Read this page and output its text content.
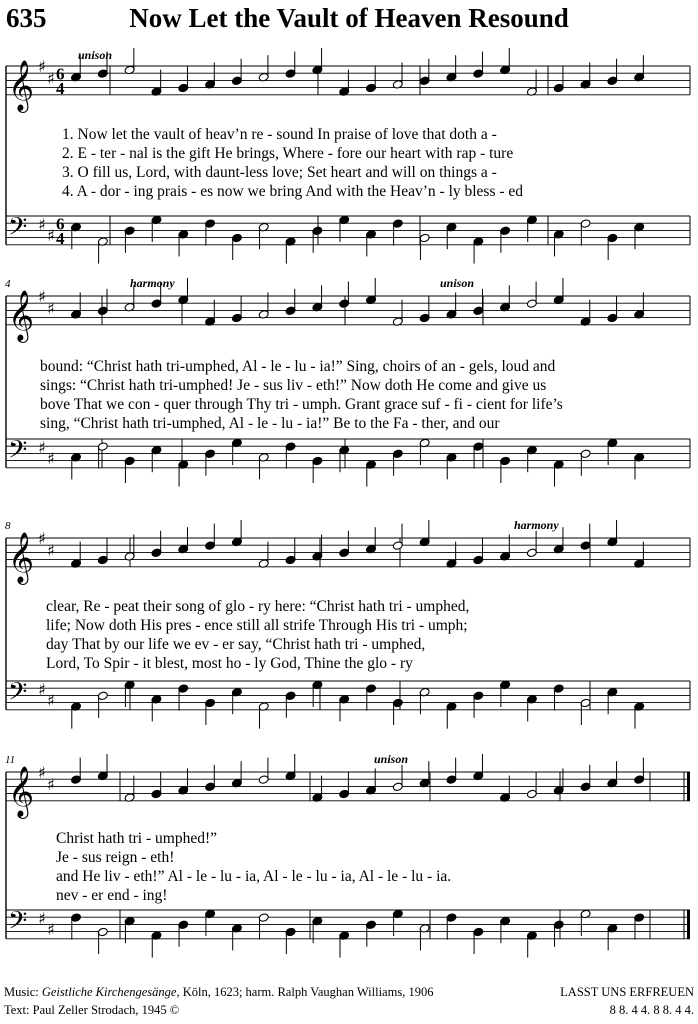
635	Now Let the Vault of Heaven Resound
𝄞 ♯
♯ 6
4
𝄢 ♯
♯
6
4
unison
1. Now let the vault of heav’n re - sound In praise of love that doth a -
2. E - ter - nal is the gift He brings, Where - fore our heart with rap - ture
3. O fill us, Lord, with daunt-less love; Set heart and will on things a -
4. A - dor - ing prais - es now we bring And with the Heav’n - ly bless - ed
𝄞 ♯
♯
𝄢 ♯
♯
4	harmony	unison
bound: “Christ hath tri-umphed, Al - le - lu - ia!” Sing, choirs of an - gels, loud and
sings: “Christ hath tri-umphed! Je - sus liv - eth!” Now doth He come and give us
bove That we con - quer through Thy tri - umph. Grant grace suf - fi - cient for life’s
sing, “Christ hath tri-umphed, Al - le - lu - ia!” Be to the Fa - ther, and our
𝄞 ♯
♯
𝄢 ♯
♯
8	harmony
clear, Re - peat their song of glo - ry here: “Christ hath tri - umphed,
life; Now doth His pres - ence still all strife Through His tri - umph;
day That by our life we ev - er say, “Christ hath tri - umphed,
Lord, To Spir - it blest, most ho - ly God, Thine the glo - ry
𝄞 ♯
♯
𝄢 ♯
♯
11	unison
Christ hath tri - umphed!”
Je - sus reign - eth!
and He liv - eth!” Al - le - lu - ia, Al - le - lu - ia, Al - le - lu - ia.
nev - er end - ing!
Music: Geistliche Kirchengesänge, Köln, 1623; harm. Ralph Vaughan Williams, 1906
Text: Paul Zeller Strodach, 1945 ©
LASST UNS ERFREUEN
8 8. 4 4. 8 8. 4 4.
